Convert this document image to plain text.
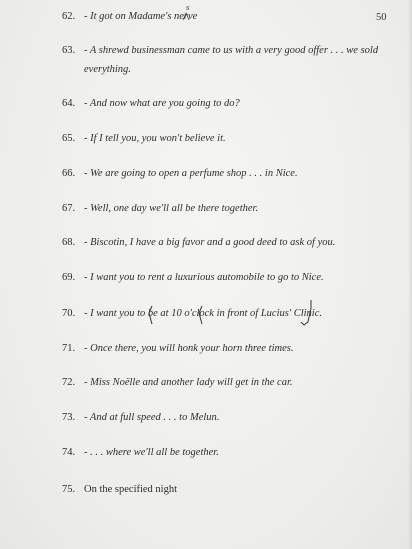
50
62. - It got on Madame's nerve
63. - A shrewd businessman came to us with a very good offer . . . we sold
everything.
64. - And now what are you going to do?
65. - If I tell you, you won't believe it.
66. - We are going to open a perfume shop . . . in Nice.
67. - Well, one day we'll all be there together.
68. - Biscotin, I have a big favor and a good deed to ask of you.
69. - I want you to rent a luxurious automobile to go to Nice.
70. - I want you to be at 10 o'clock in front of Lucius' Clinic.
71. - Once there, you will honk your horn three times.
72. - Miss Noëlle and another lady will get in the car.
73. - And at full speed . . . to Melun.
74. - . . . where we'll all be together.
75. On the specified night
s
